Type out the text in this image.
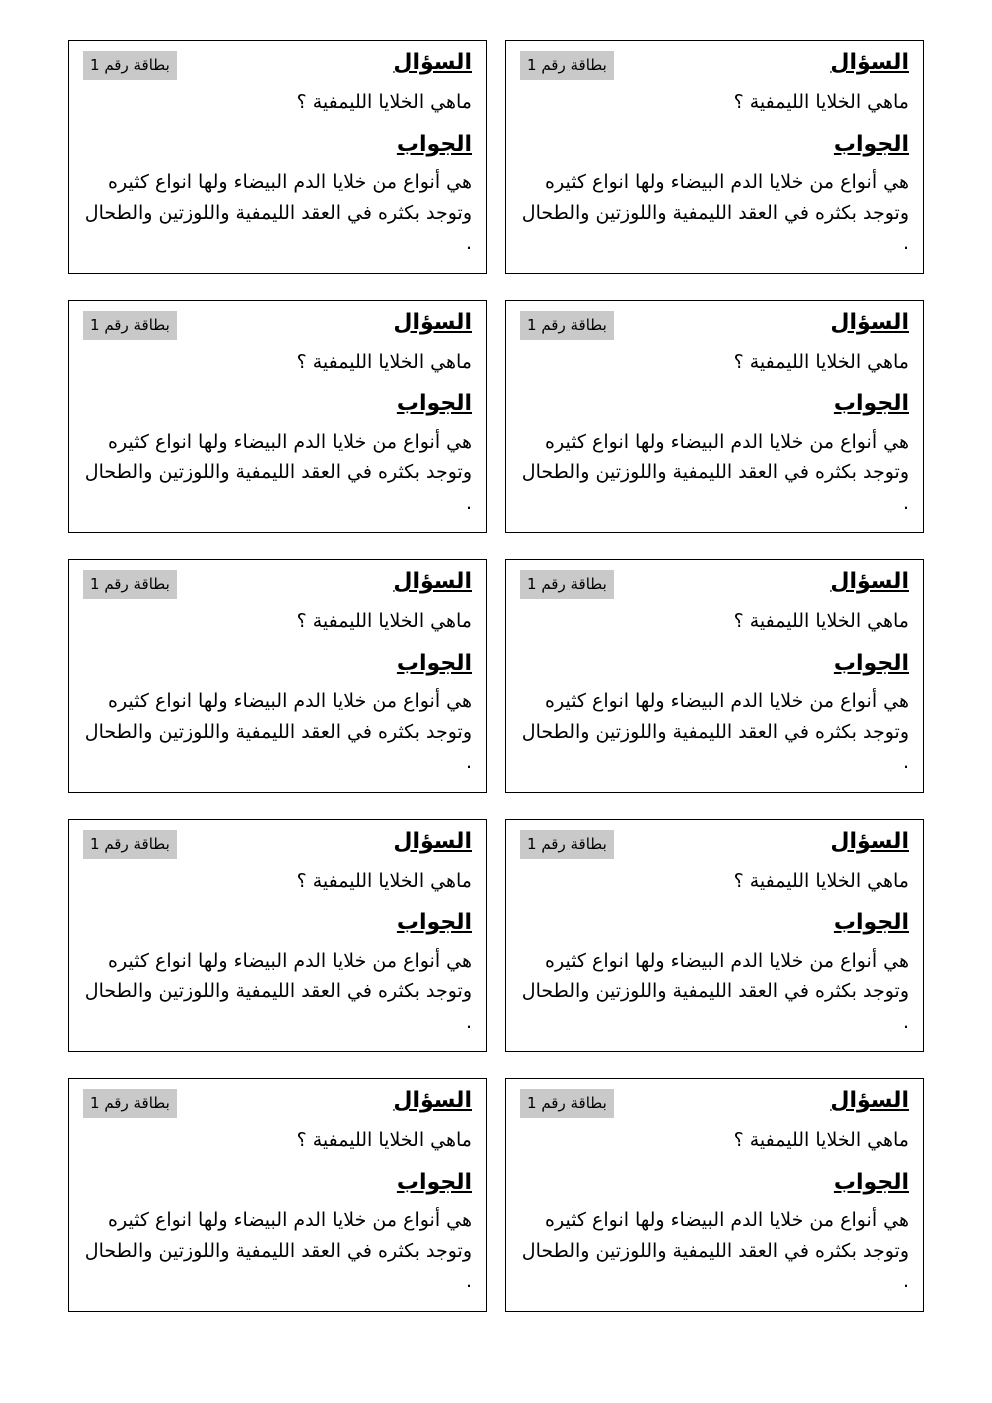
السؤال
بطاقة رقم 1
ماهي الخلايا الليمفية ؟
الجواب
هي أنواع من خلايا الدم البيضاء ولها انواع كثيره وتوجد بكثره في العقد الليمفية واللوزتين والطحال .
السؤال
بطاقة رقم 1
ماهي الخلايا الليمفية ؟
الجواب
هي أنواع من خلايا الدم البيضاء ولها انواع كثيره وتوجد بكثره في العقد الليمفية واللوزتين والطحال .
السؤال
بطاقة رقم 1
ماهي الخلايا الليمفية ؟
الجواب
هي أنواع من خلايا الدم البيضاء ولها انواع كثيره وتوجد بكثره في العقد الليمفية واللوزتين والطحال .
السؤال
بطاقة رقم 1
ماهي الخلايا الليمفية ؟
الجواب
هي أنواع من خلايا الدم البيضاء ولها انواع كثيره وتوجد بكثره في العقد الليمفية واللوزتين والطحال .
السؤال
بطاقة رقم 1
ماهي الخلايا الليمفية ؟
الجواب
هي أنواع من خلايا الدم البيضاء ولها انواع كثيره وتوجد بكثره في العقد الليمفية واللوزتين والطحال .
السؤال
بطاقة رقم 1
ماهي الخلايا الليمفية ؟
الجواب
هي أنواع من خلايا الدم البيضاء ولها انواع كثيره وتوجد بكثره في العقد الليمفية واللوزتين والطحال .
السؤال
بطاقة رقم 1
ماهي الخلايا الليمفية ؟
الجواب
هي أنواع من خلايا الدم البيضاء ولها انواع كثيره وتوجد بكثره في العقد الليمفية واللوزتين والطحال .
السؤال
بطاقة رقم 1
ماهي الخلايا الليمفية ؟
الجواب
هي أنواع من خلايا الدم البيضاء ولها انواع كثيره وتوجد بكثره في العقد الليمفية واللوزتين والطحال .
السؤال
بطاقة رقم 1
ماهي الخلايا الليمفية ؟
الجواب
هي أنواع من خلايا الدم البيضاء ولها انواع كثيره وتوجد بكثره في العقد الليمفية واللوزتين والطحال .
السؤال
بطاقة رقم 1
ماهي الخلايا الليمفية ؟
الجواب
هي أنواع من خلايا الدم البيضاء ولها انواع كثيره وتوجد بكثره في العقد الليمفية واللوزتين والطحال .
